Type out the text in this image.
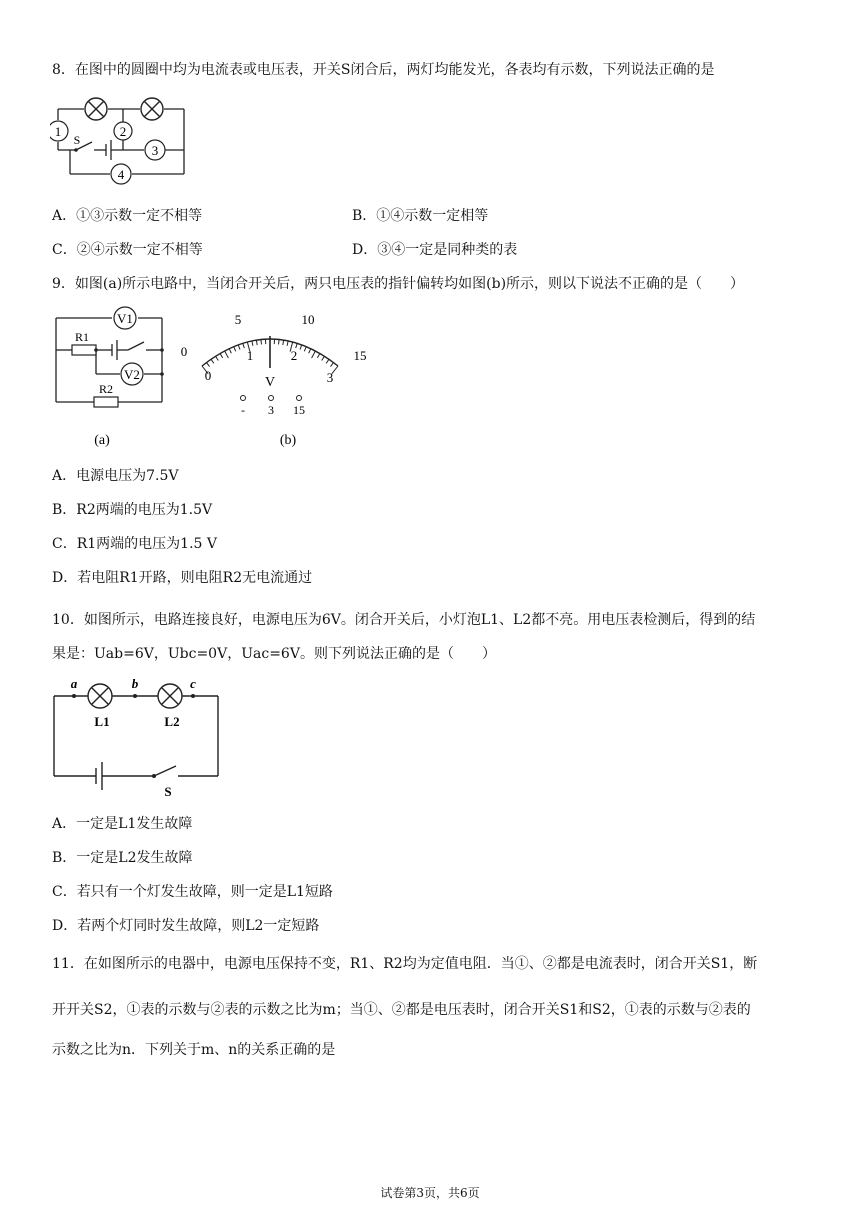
8．在图中的圆圈中均为电流表或电压表，开关S闭合后，两灯均能发光，各表均有示数，下列说法正确的是
1	2
3
4
S
A．①③示数一定不相等	B．①④示数一定相等
C．②④示数一定不相等	D．③④一定是同种类的表
9．如图(a)所示电路中，当闭合开关后，两只电压表的指针偏转均如图(b)所示，则以下说法不正确的是（　　）
V1
V2
R1
R2
(a)
0
5	10
15
0
1	2
3
V
- 3 15
(b)
A．电源电压为7.5V
B．R2两端的电压为1.5V
C．R1两端的电压为1.5 V
D．若电阻R1开路，则电阻R2无电流通过
10．如图所示，电路连接良好，电源电压为6V。闭合开关后，小灯泡L1、L2都不亮。用电压表检测后，得到的结
果是：Uab=6V，Ubc=0V，Uac=6V。则下列说法正确的是（　　）
a	b	c
L1	L2
S
A．一定是L1发生故障
B．一定是L2发生故障
C．若只有一个灯发生故障，则一定是L1短路
D．若两个灯同时发生故障，则L2一定短路
11．在如图所示的电器中，电源电压保持不变，R1、R2均为定值电阻．当①、②都是电流表时，闭合开关S1，断
开开关S2，①表的示数与②表的示数之比为m；当①、②都是电压表时，闭合开关S1和S2，①表的示数与②表的
示数之比为n．下列关于m、n的关系正确的是
试卷第3页，共6页
